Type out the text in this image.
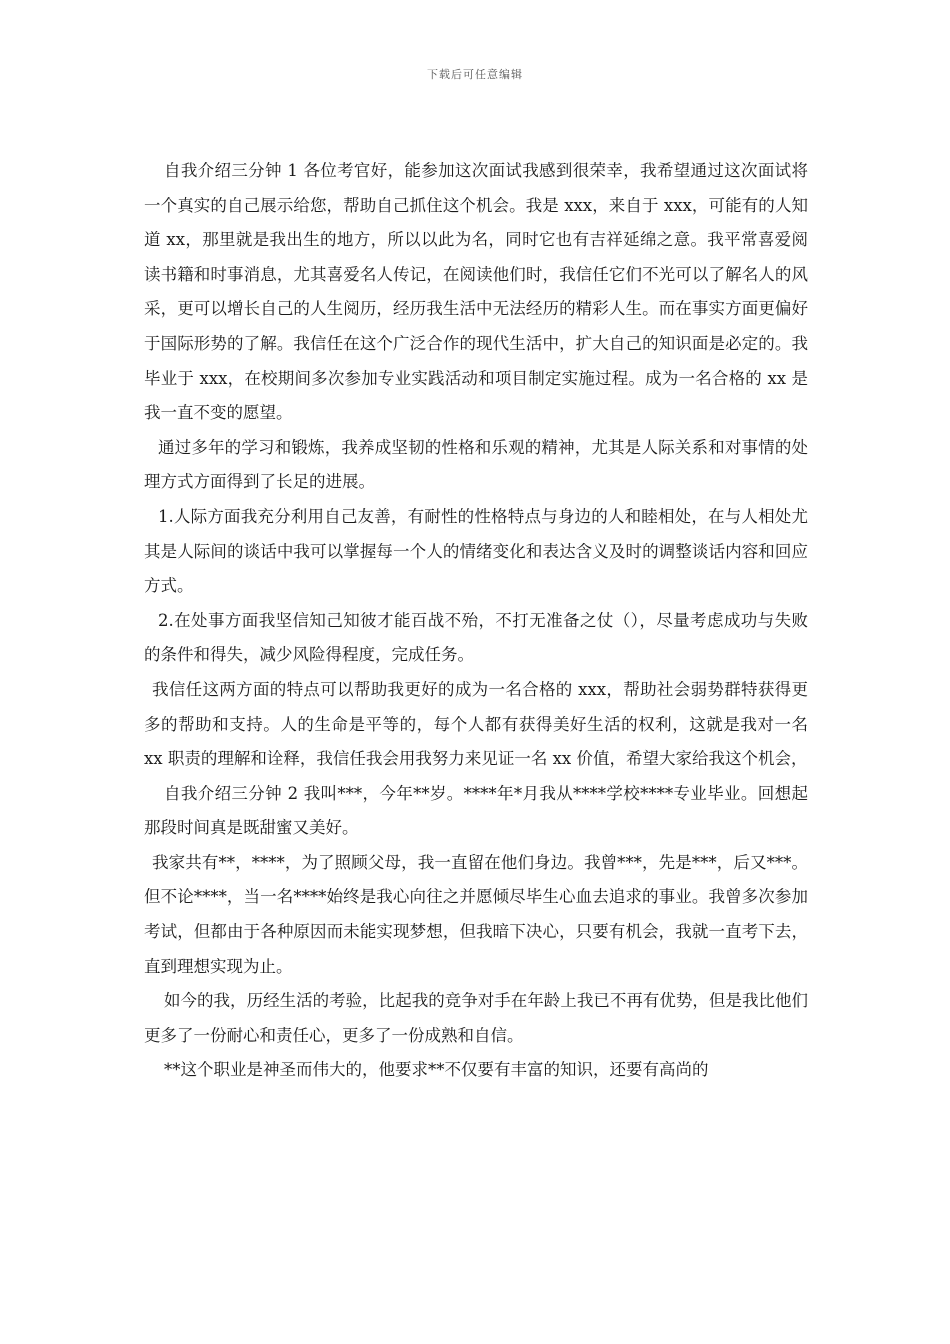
下载后可任意编辑

自我介绍三分钟 1 各位考官好，能参加这次面试我感到很荣幸，我希望通过这次面试将一个真实的自己展示给您，帮助自己抓住这个机会。我是 xxx，来自于 xxx，可能有的人知道 xx，那里就是我出生的地方，所以以此为名，同时它也有吉祥延绵之意。我平常喜爱阅读书籍和时事消息，尤其喜爱名人传记，在阅读他们时，我信任它们不光可以了解名人的风采，更可以增长自己的人生阅历，经历我生活中无法经历的精彩人生。而在事实方面更偏好于国际形势的了解。我信任在这个广泛合作的现代生活中，扩大自己的知识面是必定的。我毕业于 xxx，在校期间多次参加专业实践活动和项目制定实施过程。成为一名合格的 xx 是我一直不变的愿望。

通过多年的学习和锻炼，我养成坚韧的性格和乐观的精神，尤其是人际关系和对事情的处理方式方面得到了长足的进展。

1.人际方面我充分利用自己友善，有耐性的性格特点与身边的人和睦相处，在与人相处尤其是人际间的谈话中我可以掌握每一个人的情绪变化和表达含义及时的调整谈话内容和回应方式。

2.在处事方面我坚信知己知彼才能百战不殆，不打无准备之仗（），尽量考虑成功与失败的条件和得失，减少风险得程度，完成任务。

我信任这两方面的特点可以帮助我更好的成为一名合格的 xxx，帮助社会弱势群特获得更多的帮助和支持。人的生命是平等的，每个人都有获得美好生活的权利，这就是我对一名 xx 职责的理解和诠释，我信任我会用我努力来见证一名 xx 价值，希望大家给我这个机会，

自我介绍三分钟 2 我叫***，今年**岁。****年*月我从****学校****专业毕业。回想起那段时间真是既甜蜜又美好。

我家共有**，****，为了照顾父母，我一直留在他们身边。我曾***，先是***，后又***。但不论****，当一名****始终是我心向往之并愿倾尽毕生心血去追求的事业。我曾多次参加考试，但都由于各种原因而未能实现梦想，但我暗下决心，只要有机会，我就一直考下去，直到理想实现为止。

如今的我，历经生活的考验，比起我的竞争对手在年龄上我已不再有优势，但是我比他们更多了一份耐心和责任心，更多了一份成熟和自信。

**这个职业是神圣而伟大的，他要求**不仅要有丰富的知识，还要有高尚的
